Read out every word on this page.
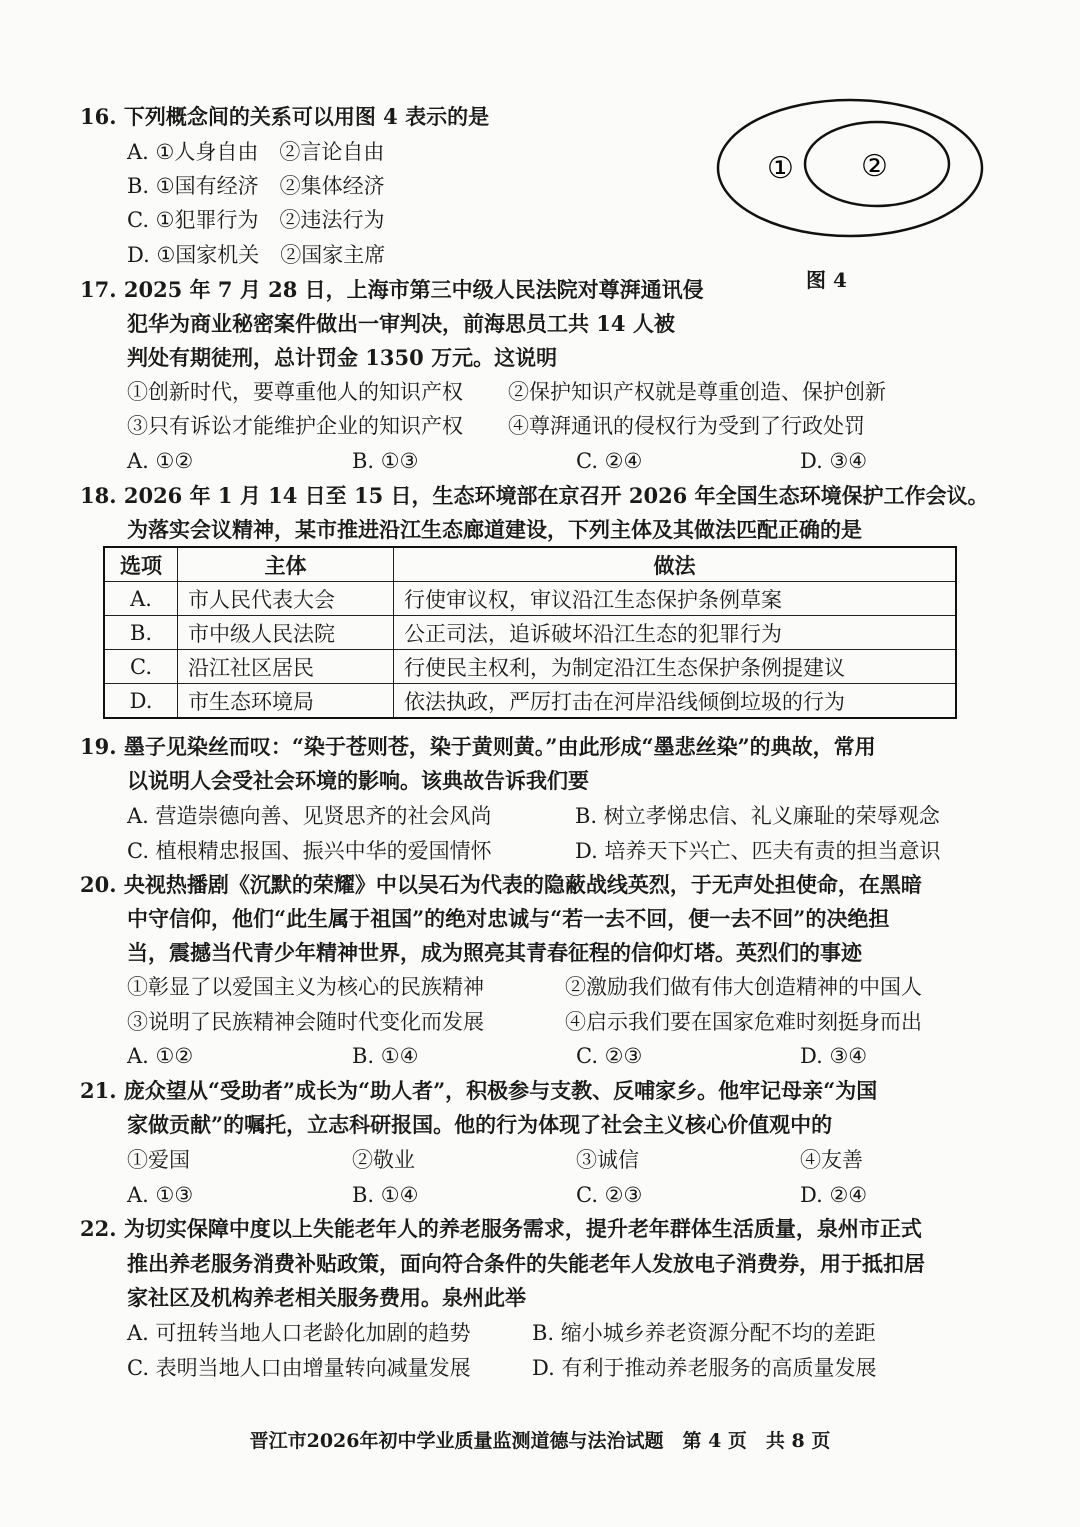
16. 下列概念间的关系可以用图 4 表示的是
A. ①人身自由　②言论自由
B. ①国有经济　②集体经济
C. ①犯罪行为　②违法行为
D. ①国家机关　②国家主席
① ②
图 4
17. 2025 年 7 月 28 日，上海市第三中级人民法院对尊湃通讯侵
犯华为商业秘密案件做出一审判决，前海思员工共 14 人被
判处有期徒刑，总计罚金 1350 万元。这说明
①创新时代，要尊重他人的知识产权 ②保护知识产权就是尊重创造、保护创新
③只有诉讼才能维护企业的知识产权 ④尊湃通讯的侵权行为受到了行政处罚
A. ①②	B. ①③	C. ②④	D. ③④
18. 2026 年 1 月 14 日至 15 日，生态环境部在京召开 2026 年全国生态环境保护工作会议。
为落实会议精神，某市推进沿江生态廊道建设，下列主体及其做法匹配正确的是
选项	主体	做法
A.	市人民代表大会	行使审议权，审议沿江生态保护条例草案
B.	市中级人民法院	公正司法，追诉破坏沿江生态的犯罪行为
C.	沿江社区居民	行使民主权利，为制定沿江生态保护条例提建议
D.	市生态环境局	依法执政，严厉打击在河岸沿线倾倒垃圾的行为
19. 墨子见染丝而叹：“染于苍则苍，染于黄则黄。”由此形成“墨悲丝染”的典故，常用
以说明人会受社会环境的影响。该典故告诉我们要
A. 营造崇德向善、见贤思齐的社会风尚	B. 树立孝悌忠信、礼义廉耻的荣辱观念
C. 植根精忠报国、振兴中华的爱国情怀	D. 培养天下兴亡、匹夫有责的担当意识
20. 央视热播剧《沉默的荣耀》中以吴石为代表的隐蔽战线英烈，于无声处担使命，在黑暗
中守信仰，他们“此生属于祖国”的绝对忠诚与“若一去不回，便一去不回”的决绝担
当，震撼当代青少年精神世界，成为照亮其青春征程的信仰灯塔。英烈们的事迹
①彰显了以爱国主义为核心的民族精神	②激励我们做有伟大创造精神的中国人
③说明了民族精神会随时代变化而发展	④启示我们要在国家危难时刻挺身而出
A. ①②	B. ①④	C. ②③	D. ③④
21. 庞众望从“受助者”成长为“助人者”，积极参与支教、反哺家乡。他牢记母亲“为国
家做贡献”的嘱托，立志科研报国。他的行为体现了社会主义核心价值观中的
①爱国	②敬业	③诚信	④友善
A. ①③	B. ①④	C. ②③	D. ②④
22. 为切实保障中度以上失能老年人的养老服务需求，提升老年群体生活质量，泉州市正式
推出养老服务消费补贴政策，面向符合条件的失能老年人发放电子消费券，用于抵扣居
家社区及机构养老相关服务费用。泉州此举
A. 可扭转当地人口老龄化加剧的趋势	B. 缩小城乡养老资源分配不均的差距
C. 表明当地人口由增量转向减量发展	D. 有利于推动养老服务的高质量发展
晋江市2026年初中学业质量监测道德与法治试题　第 4 页　共 8 页
